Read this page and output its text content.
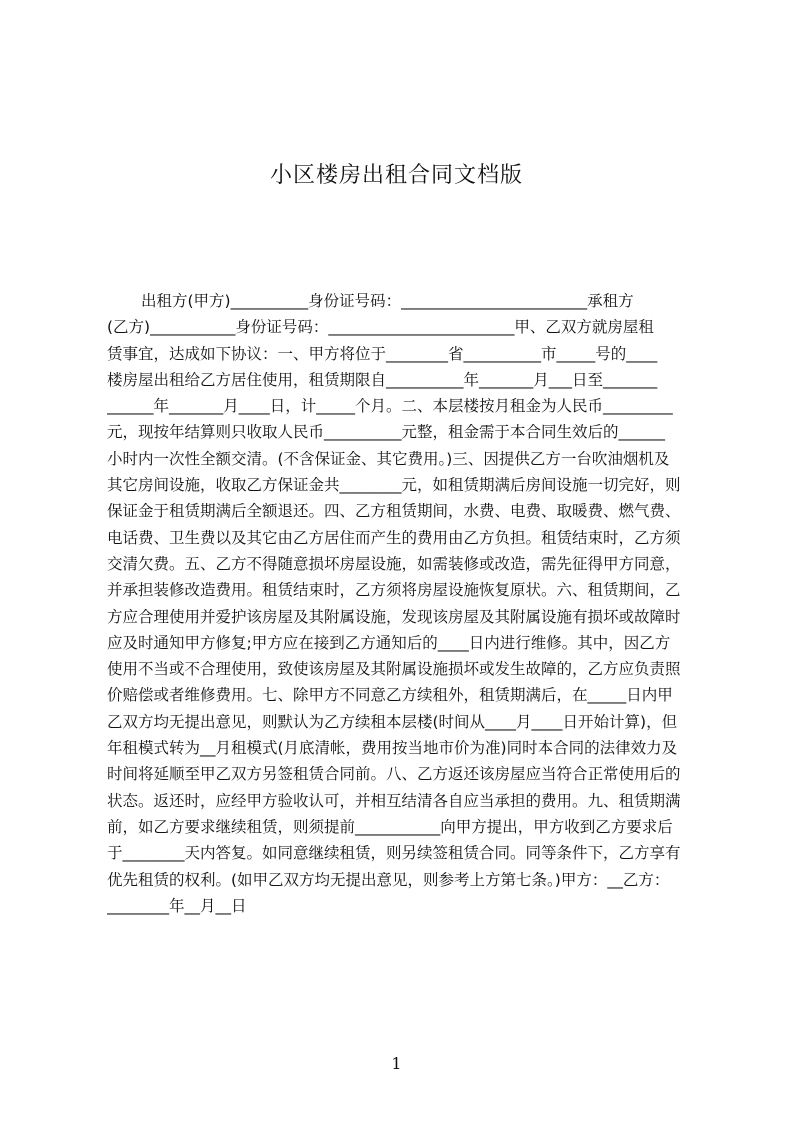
小区楼房出租合同文档版
出租方(甲方)__________身份证号码：________________________承租方
(乙方)___________身份证号码：________________________甲、乙双方就房屋租
赁事宜，达成如下协议：一、甲方将位于________省__________市_____号的____
楼房屋出租给乙方居住使用，租赁期限自__________年_______月___日至_______
______年_______月____日，计_____个月。二、本层楼按月租金为人民币_________
元，现按年结算则只收取人民币__________元整，租金需于本合同生效后的______
小时内一次性全额交清。(不含保证金、其它费用。)三、因提供乙方一台吹油烟机及
其它房间设施，收取乙方保证金共________元，如租赁期满后房间设施一切完好，则
保证金于租赁期满后全额退还。四、乙方租赁期间，水费、电费、取暖费、燃气费、
电话费、卫生费以及其它由乙方居住而产生的费用由乙方负担。租赁结束时，乙方须
交清欠费。五、乙方不得随意损坏房屋设施，如需装修或改造，需先征得甲方同意，
并承担装修改造费用。租赁结束时，乙方须将房屋设施恢复原状。六、租赁期间，乙
方应合理使用并爱护该房屋及其附属设施，发现该房屋及其附属设施有损坏或故障时
应及时通知甲方修复;甲方应在接到乙方通知后的____日内进行维修。其中，因乙方
使用不当或不合理使用，致使该房屋及其附属设施损坏或发生故障的，乙方应负责照
价赔偿或者维修费用。七、除甲方不同意乙方续租外，租赁期满后，在_____日内甲
乙双方均无提出意见，则默认为乙方续租本层楼(时间从____月____日开始计算)，但
年租模式转为__月租模式(月底清帐，费用按当地市价为准)同时本合同的法律效力及
时间将延顺至甲乙双方另签租赁合同前。八、乙方返还该房屋应当符合正常使用后的
状态。返还时，应经甲方验收认可，并相互结清各自应当承担的费用。九、租赁期满
前，如乙方要求继续租赁，则须提前___________向甲方提出，甲方收到乙方要求后
于________天内答复。如同意继续租赁，则另续签租赁合同。同等条件下，乙方享有
优先租赁的权利。(如甲乙双方均无提出意见，则参考上方第七条。)甲方：__乙方：
________年__月__日
1
